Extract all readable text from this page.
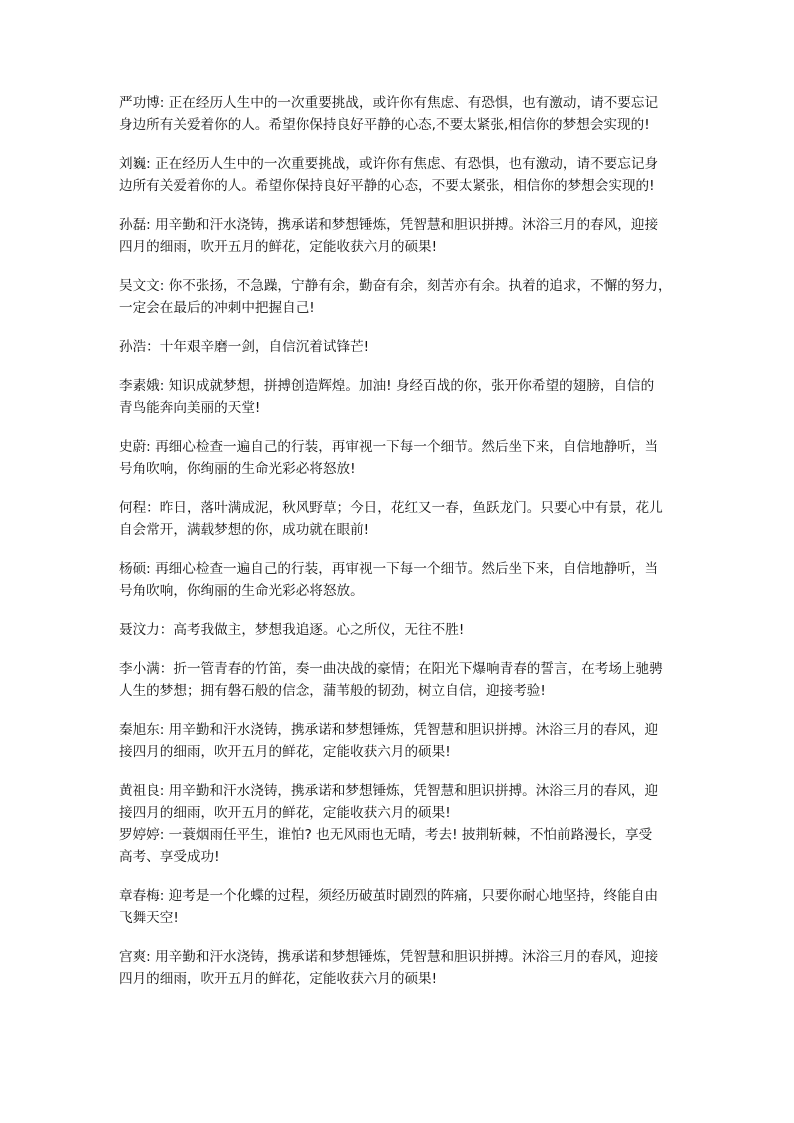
严功博: 正在经历人生中的一次重要挑战，或许你有焦虑、有恐惧，也有激动，请不要忘记

身边所有关爱着你的人。希望你保持良好平静的心态,不要太紧张,相信你的梦想会实现的!

刘巍: 正在经历人生中的一次重要挑战，或许你有焦虑、有恐惧，也有激动，请不要忘记身

边所有关爱着你的人。希望你保持良好平静的心态，不要太紧张，相信你的梦想会实现的!

孙磊: 用辛勤和汗水浇铸，携承诺和梦想锤炼，凭智慧和胆识拼搏。沐浴三月的春风，迎接

四月的细雨，吹开五月的鲜花，定能收获六月的硕果!

吴文文: 你不张扬，不急躁，宁静有余，勤奋有余，刻苦亦有余。执着的追求，不懈的努力，

一定会在最后的冲刺中把握自己!

孙浩：十年艰辛磨一剑，自信沉着试锋芒!

李素娥: 知识成就梦想，拼搏创造辉煌。加油! 身经百战的你，张开你希望的翅膀，自信的

青鸟能奔向美丽的天堂!

史蔚: 再细心检查一遍自己的行装，再审视一下每一个细节。然后坐下来，自信地静听，当

号角吹响，你绚丽的生命光彩必将怒放!

何程：昨日，落叶满成泥，秋风野草；今日，花红又一春，鱼跃龙门。只要心中有景，花儿

自会常开，满载梦想的你，成功就在眼前!

杨硕: 再细心检查一遍自己的行装，再审视一下每一个细节。然后坐下来，自信地静听，当

号角吹响，你绚丽的生命光彩必将怒放。

聂汶力：高考我做主，梦想我追逐。心之所仪，无往不胜!

李小满：折一管青春的竹笛，奏一曲决战的豪情；在阳光下爆响青春的誓言，在考场上驰骋

人生的梦想；拥有磐石般的信念，蒲苇般的韧劲，树立自信，迎接考验!

秦旭东: 用辛勤和汗水浇铸，携承诺和梦想锤炼，凭智慧和胆识拼搏。沐浴三月的春风，迎

接四月的细雨，吹开五月的鲜花，定能收获六月的硕果!

黄祖良: 用辛勤和汗水浇铸，携承诺和梦想锤炼，凭智慧和胆识拼搏。沐浴三月的春风，迎

接四月的细雨，吹开五月的鲜花，定能收获六月的硕果!

罗婷婷: 一蓑烟雨任平生，谁怕? 也无风雨也无晴，考去! 披荆斩棘，不怕前路漫长，享受

高考、享受成功!

章春梅: 迎考是一个化蝶的过程，须经历破茧时剧烈的阵痛，只要你耐心地坚持，终能自由

飞舞天空!

宫爽: 用辛勤和汗水浇铸，携承诺和梦想锤炼，凭智慧和胆识拼搏。沐浴三月的春风，迎接

四月的细雨，吹开五月的鲜花，定能收获六月的硕果!
